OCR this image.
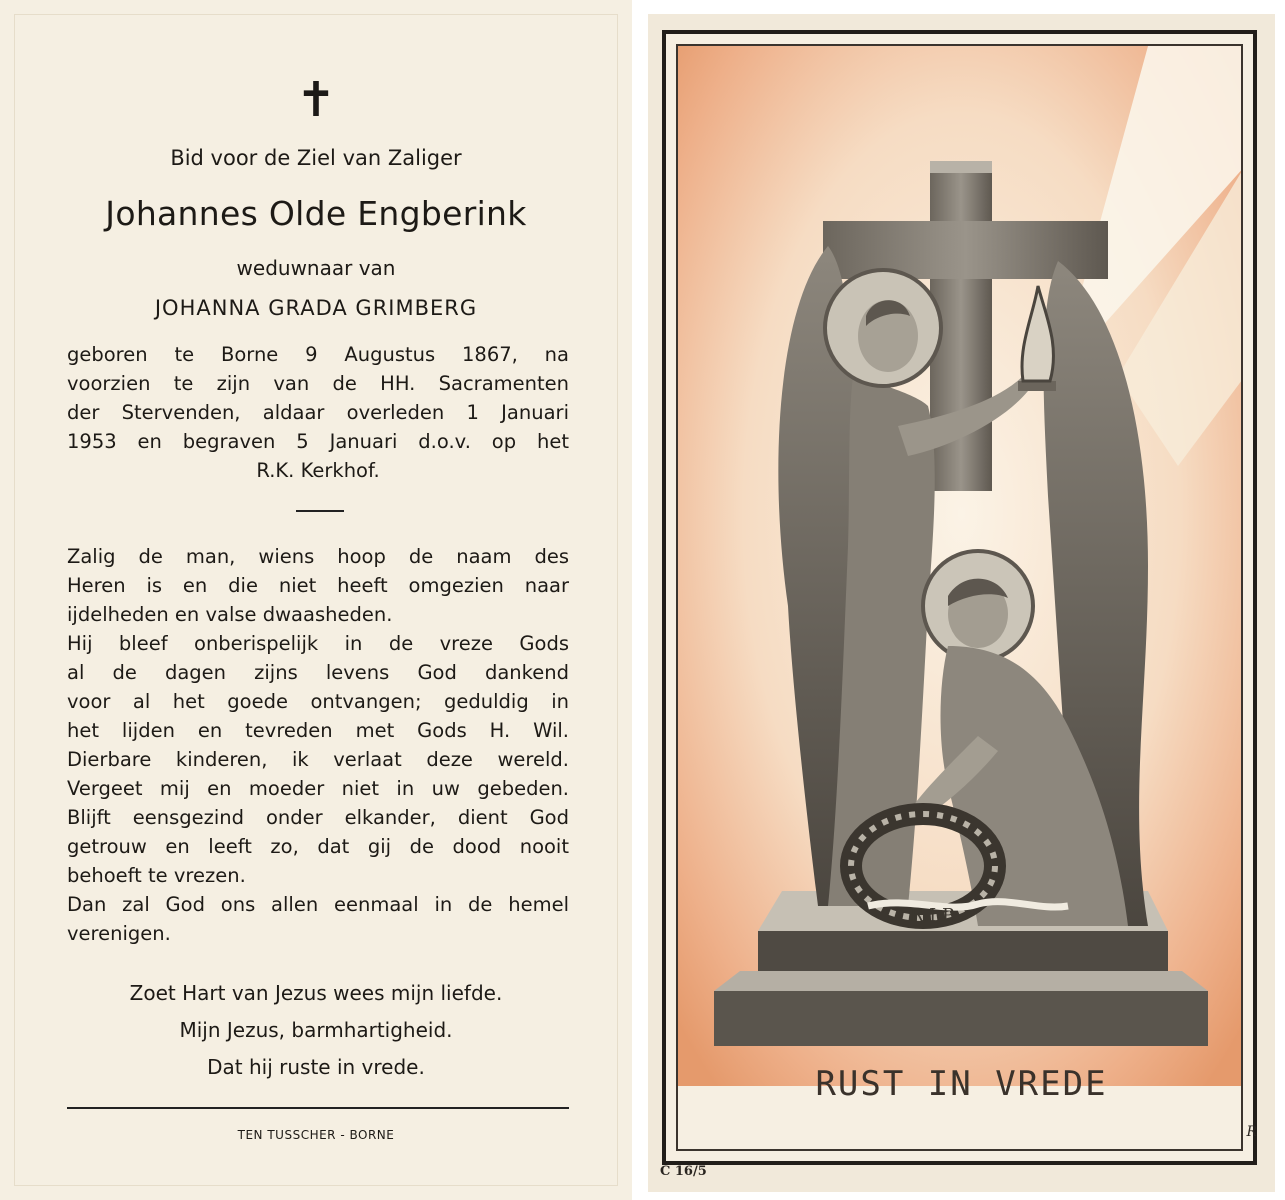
✝
Bid voor de Ziel van Zaliger
Johannes Olde Engberink
weduwnaar van
JOHANNA GRADA GRIMBERG
geboren te Borne 9 Augustus 1867, na
voorzien te zijn van de HH. Sacramenten
der Stervenden, aldaar overleden 1 Januari
1953 en begraven 5 Januari d.o.v. op het
R.K. Kerkhof.
Zalig de man, wiens hoop de naam des
Heren is en die niet heeft omgezien naar
ijdelheden en valse dwaasheden.
Hij bleef onberispelijk in de vreze Gods
al de dagen zijns levens God dankend
voor al het goede ontvangen; geduldig in
het lijden en tevreden met Gods H. Wil.
Dierbare kinderen, ik verlaat deze wereld.
Vergeet mij en moeder niet in uw gebeden.
Blijft eensgezind onder elkander, dient God
getrouw en leeft zo, dat gij de dood nooit
behoeft te vrezen.
Dan zal God ons allen eenmaal in de hemel
verenigen.
Zoet Hart van Jezus wees mijn liefde.
Mijn Jezus, barmhartigheid.
Dat hij ruste in vrede.
TEN TUSSCHER - BORNE
R.I.P.
RUST IN VREDE
R
C 16/5
